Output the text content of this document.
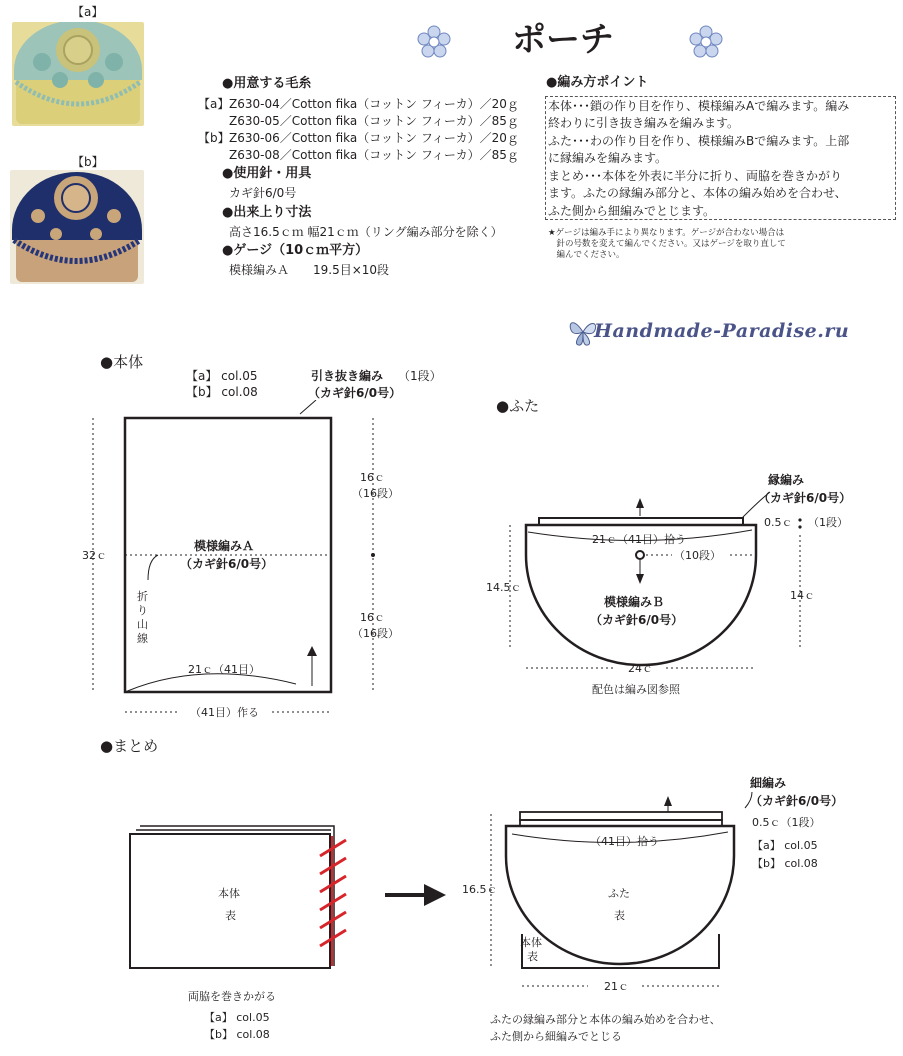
【a】
【b】
ポーチ
●用意する毛糸
【a】 Z630-04／Cotton fika（コットン フィーカ）／20ｇ
Z630-05／Cotton fika（コットン フィーカ）／85ｇ
【b】 Z630-06／Cotton fika（コットン フィーカ）／20ｇ
Z630-08／Cotton fika（コットン フィーカ）／85ｇ
●使用針・用具
カギ針6/0号
●出来上り寸法
高さ16.5ｃｍ 幅21ｃｍ（リング編み部分を除く）
●ゲージ（10ｃｍ平方）
模様編みＡ　　19.5目×10段
●編み方ポイント
本体･･･鎖の作り目を作り、模様編みAで編みます。編み
終わりに引き抜き編みを編みます。
ふた･･･わの作り目を作り、模様編みBで編みます。上部
に縁編みを編みます。
まとめ･･･本体を外表に半分に折り、両脇を巻きかがり
ます。ふたの縁編み部分と、本体の編み始めを合わせ、
ふた側から細編みでとじます。
★ゲージは編み手により異なります。ゲージが合わない場合は
　針の号数を変えて編んでください。又はゲージを取り直して
　編んでください。
Handmade-Paradise.ru
●本体
【a】 col.05
【b】 col.08
引き抜き編み （1段）
（カギ針6/0号）
32ｃ
16ｃ
（16段）
16ｃ
（16段）
模様編みＡ
（カギ針6/0号）
折り山線
21ｃ（41目）
（41目）作る
●ふた
縁編み
（カギ針6/0号）
0.5ｃ （1段）
21ｃ（41目）拾う
（10段）
14.5ｃ
14ｃ
模様編みＢ
（カギ針6/0号）
24ｃ
配色は編み図参照
●まとめ
本体
表
両脇を巻きかがる
【a】 col.05
【b】 col.08
細編み
（カギ針6/0号）
0.5ｃ（1段）
【a】 col.05
【b】 col.08
（41目）拾う
16.5ｃ	ふた
表
本体
表
21ｃ
ふたの縁編み部分と本体の編み始めを合わせ、
ふた側から細編みでとじる
